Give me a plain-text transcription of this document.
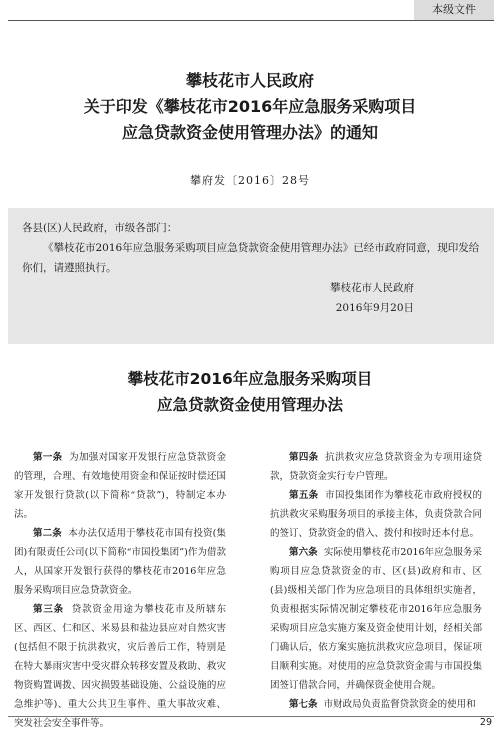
本级文件
攀枝花市人民政府
关于印发《攀枝花市2016年应急服务采购项目
应急贷款资金使用管理办法》的通知
攀府发〔2016〕28号

各县(区)人民政府，市级各部门：

《攀枝花市2016年应急服务采购项目应急贷款资金使用管理办法》已经市政府同意，现印发给你们，请遵照执行。

攀枝花市人民政府

2016年9月20日

攀枝花市2016年应急服务采购项目
应急贷款资金使用管理办法

第一条 为加强对国家开发银行应急贷款资金的管理，合理、有效地使用资金和保证按时偿还国家开发银行贷款(以下简称“贷款”)，特制定本办法。

第二条 本办法仅适用于攀枝花市国有投资(集团)有限责任公司(以下简称“市国投集团”)作为借款人，从国家开发银行获得的攀枝花市2016年应急服务采购项目应急贷款资金。

第三条 贷款资金用途为攀枝花市及所辖东区、西区、仁和区、米易县和盐边县应对自然灾害(包括但不限于抗洪救灾，灾后善后工作，特别是在特大暴雨灾害中受灾群众转移安置及救助、救灾物资购置调拨、因灾损毁基础设施、公益设施的应急维护等)、重大公共卫生事件、重大事故灾难、突发社会安全事件等。

第四条 抗洪救灾应急贷款资金为专项用途贷款，贷款资金实行专户管理。

第五条 市国投集团作为攀枝花市政府授权的抗洪救灾采购服务项目的承接主体，负责贷款合同的签订、贷款资金的借入、拨付和按时还本付息。

第六条 实际使用攀枝花市2016年应急服务采购项目应急贷款资金的市、区(县)政府和市、区(县)级相关部门作为应急项目的具体组织实施者，负责根据实际情况制定攀枝花市2016年应急服务采购项目应急实施方案及资金使用计划，经相关部门确认后，依方案实施抗洪救灾应急项目，保证项目顺利实施。对使用的应急贷款资金需与市国投集团签订借款合同，并确保资金使用合规。

第七条 市财政局负责监督贷款资金的使用和

29
